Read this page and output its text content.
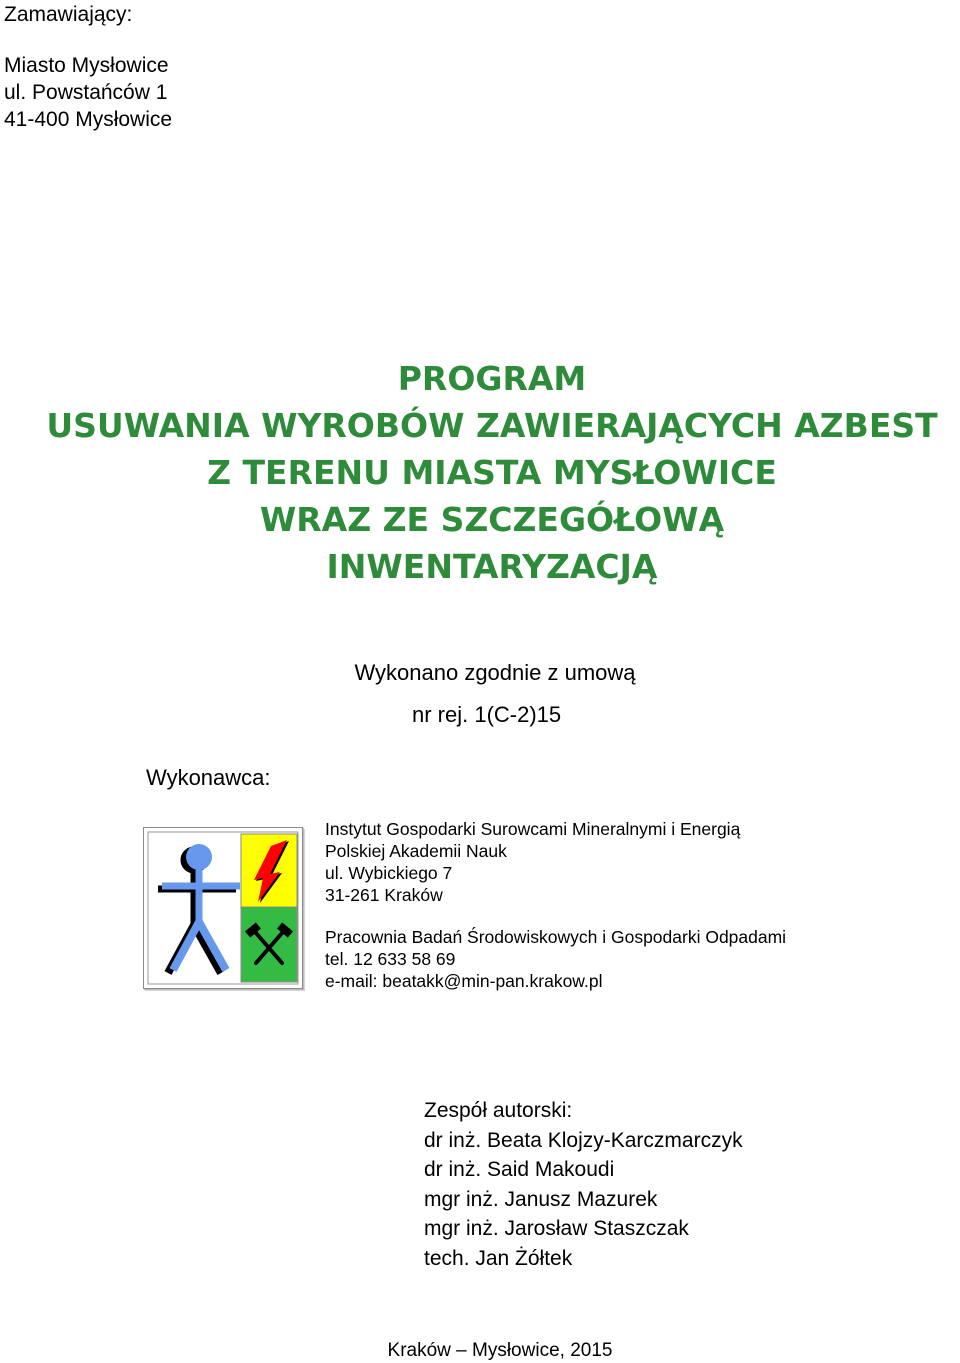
Zamawiający:
Miasto Mysłowice
ul. Powstańców 1
41-400 Mysłowice
PROGRAM
USUWANIA WYROBÓW ZAWIERAJĄCYCH AZBEST
Z TERENU MIASTA MYSŁOWICE
WRAZ ZE SZCZEGÓŁOWĄ
INWENTARYZACJĄ
Wykonano zgodnie z umową
nr rej. 1(C-2)15
Wykonawca:
Instytut Gospodarki Surowcami Mineralnymi i Energią
Polskiej Akademii Nauk
ul. Wybickiego 7
31-261 Kraków
Pracownia Badań Środowiskowych i Gospodarki Odpadami
tel. 12 633 58 69
e-mail: beatakk@min-pan.krakow.pl
Zespół autorski:
dr inż. Beata Klojzy-Karczmarczyk
dr inż. Said Makoudi
mgr inż. Janusz Mazurek
mgr inż. Jarosław Staszczak
tech. Jan Żółtek
Kraków – Mysłowice, 2015
